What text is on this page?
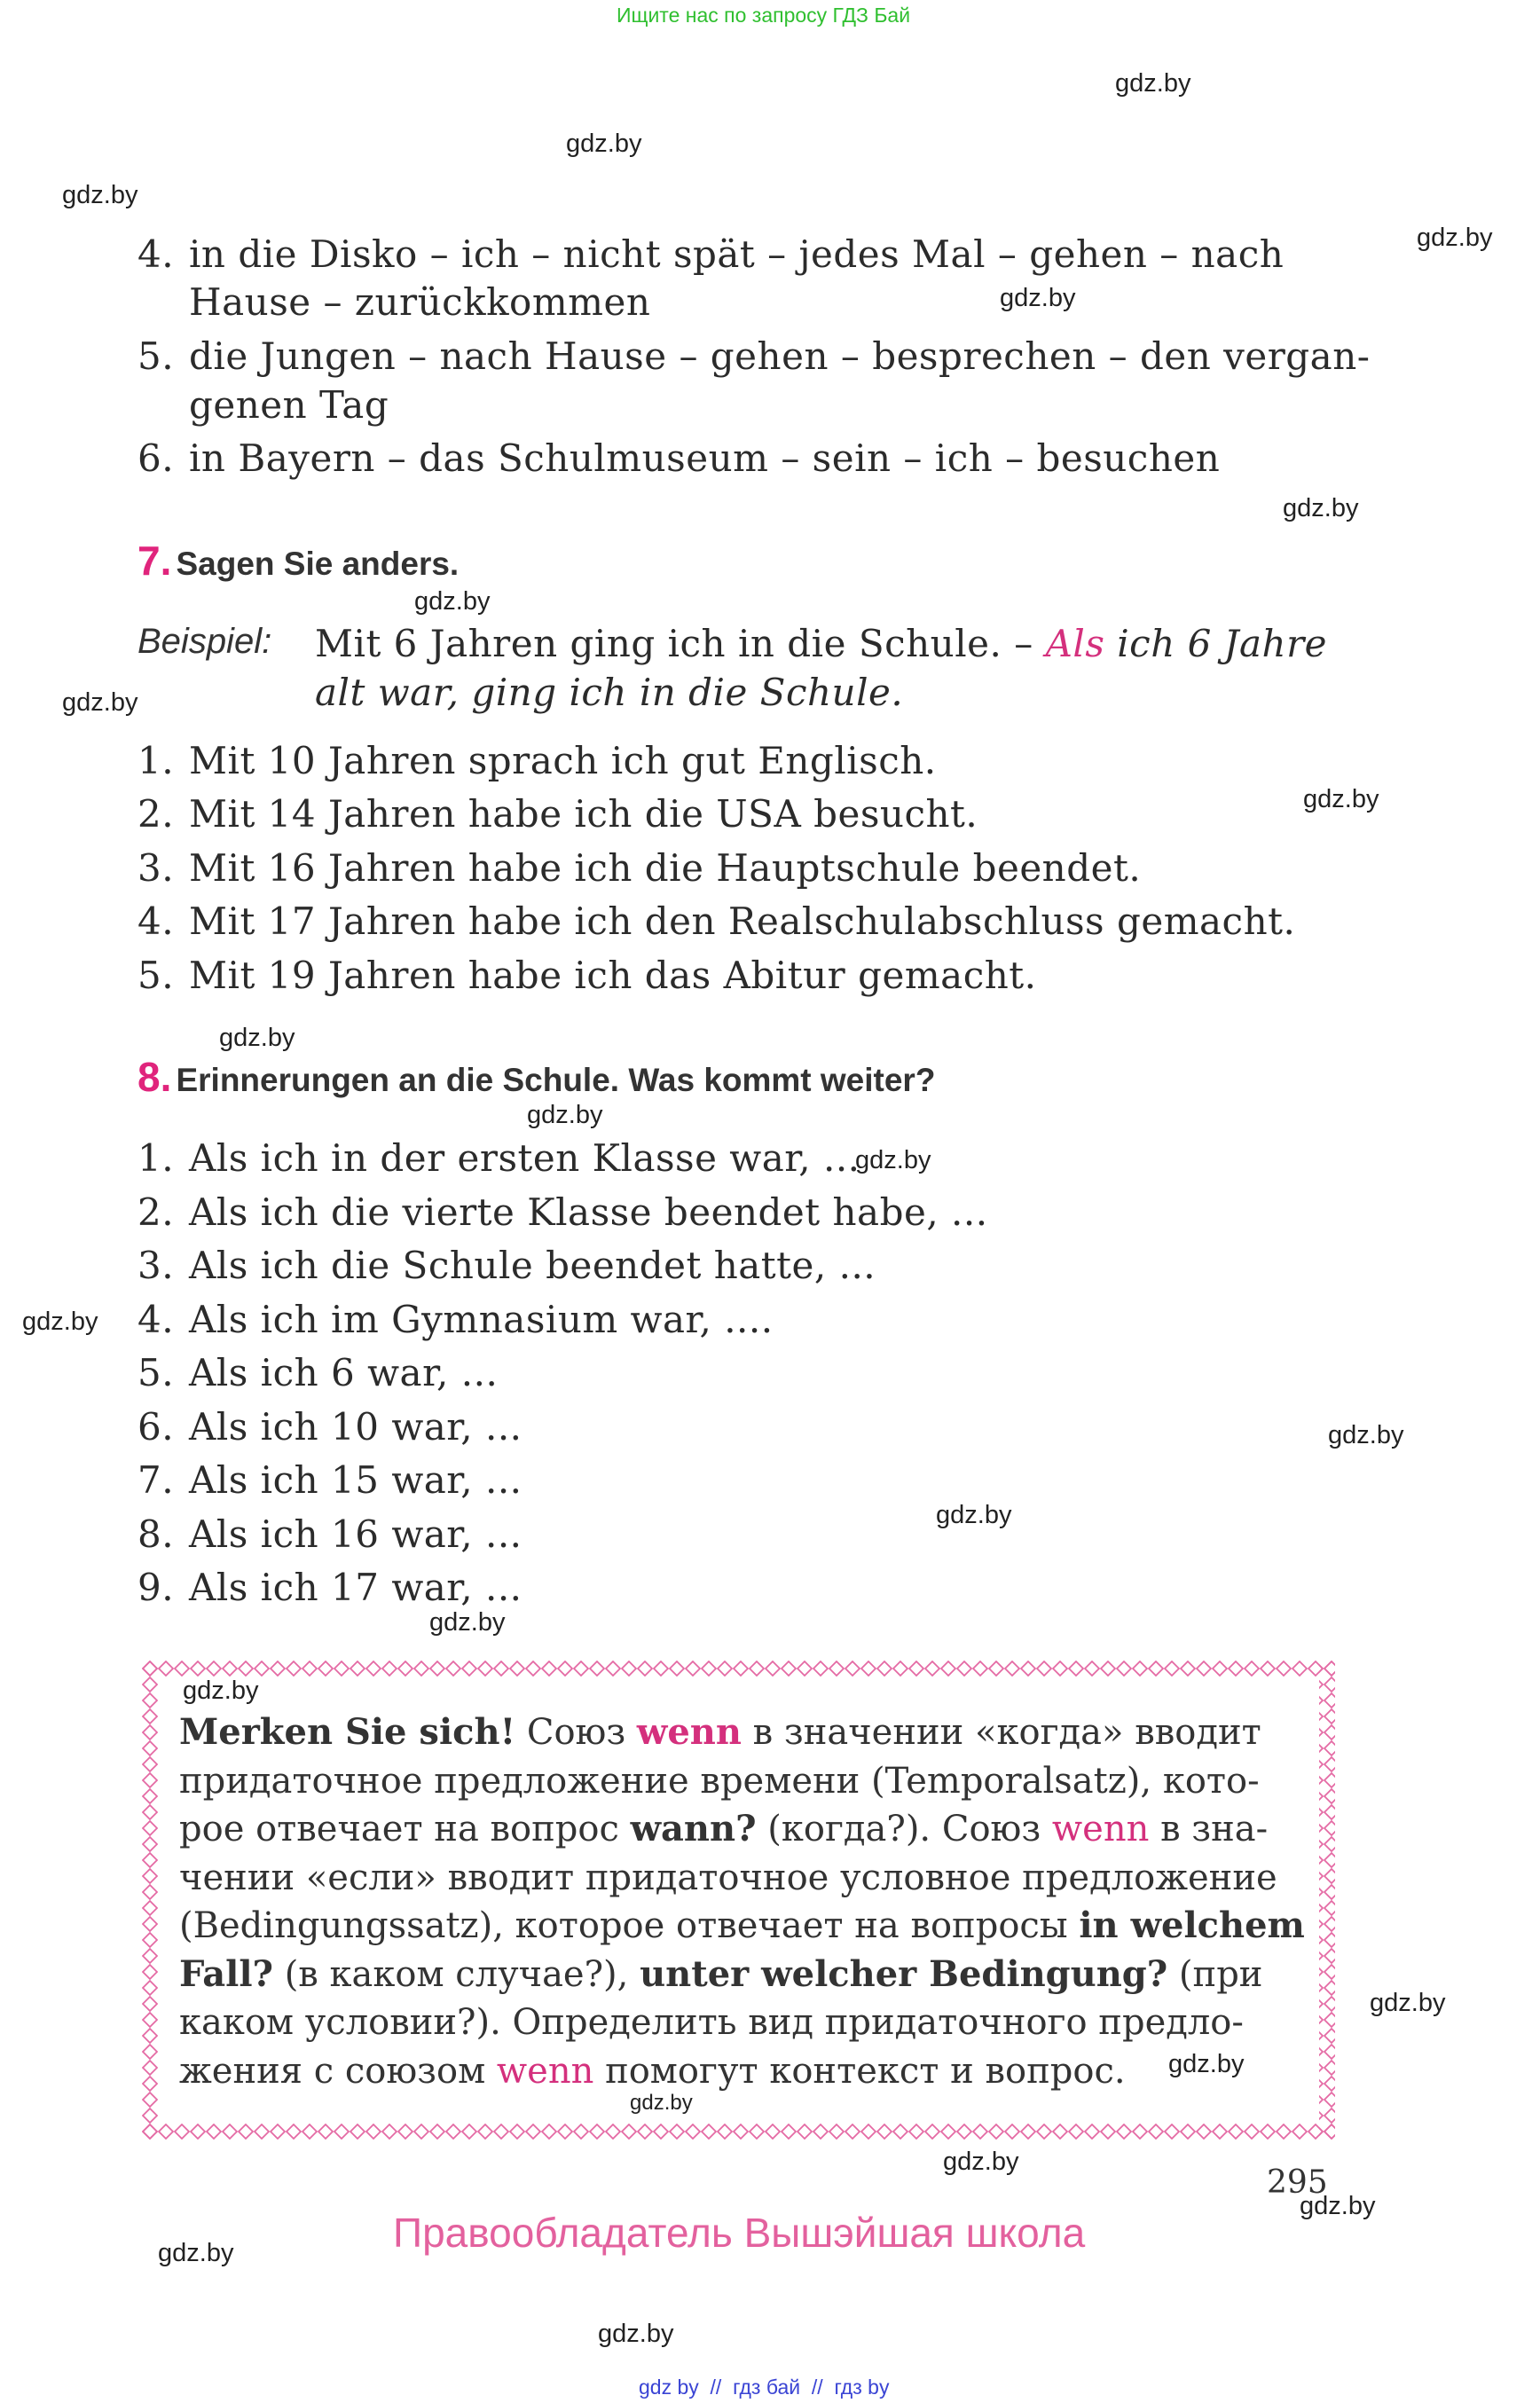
Ищите нас по запросу ГДЗ Бай
gdz.by
gdz.by
gdz.by
gdz.by
gdz.by
gdz.by
gdz.by
gdz.by
gdz.by
gdz.by
gdz.by
gdz.by
gdz.by
gdz.by
gdz.by
gdz.by
gdz.by
gdz.by
gdz.by
gdz.by
gdz.by
gdz.by
gdz.by
gdz.by
4. in die Disko – ich – nicht spät – jedes Mal – gehen – nach
Hause – zurückkommen
5. die Jungen – nach Hause – gehen – besprechen – den vergan-
genen Tag
6. in Bayern – das Schulmuseum – sein – ich – besuchen
7. Sagen Sie anders.
Beispiel: Mit 6 Jahren ging ich in die Schule. – Als ich 6 Jahre
alt war, ging ich in die Schule.
1. Mit 10 Jahren sprach ich gut Englisch.
2. Mit 14 Jahren habe ich die USA besucht.
3. Mit 16 Jahren habe ich die Hauptschule beendet.
4. Mit 17 Jahren habe ich den Realschulabschluss gemacht.
5. Mit 19 Jahren habe ich das Abitur gemacht.
8. Erinnerungen an die Schule. Was kommt weiter?
1. Als ich in der ersten Klasse war, ...
2. Als ich die vierte Klasse beendet habe, ...
3. Als ich die Schule beendet hatte, ...
4. Als ich im Gymnasium war, ....
5. Als ich 6 war, ...
6. Als ich 10 war, ...
7. Als ich 15 war, ...
8. Als ich 16 war, ...
9. Als ich 17 war, ...
Merken Sie sich! Союз wenn в значении «когда» вводит
придаточное предложение времени (Temporalsatz), кото-
рое отвечает на вопрос wann? (когда?). Союз wenn в зна-
чении «если» вводит придаточное условное предложение
(Bedingungssatz), которое отвечает на вопросы in welchem
Fall? (в каком случае?), unter welcher Bedingung? (при
каком условии?). Определить вид придаточного предло-
жения с союзом wenn помогут контекст и вопрос.
295
Правообладатель Вышэйшая школа
gdz by  //  гдз бай  //  гдз by
